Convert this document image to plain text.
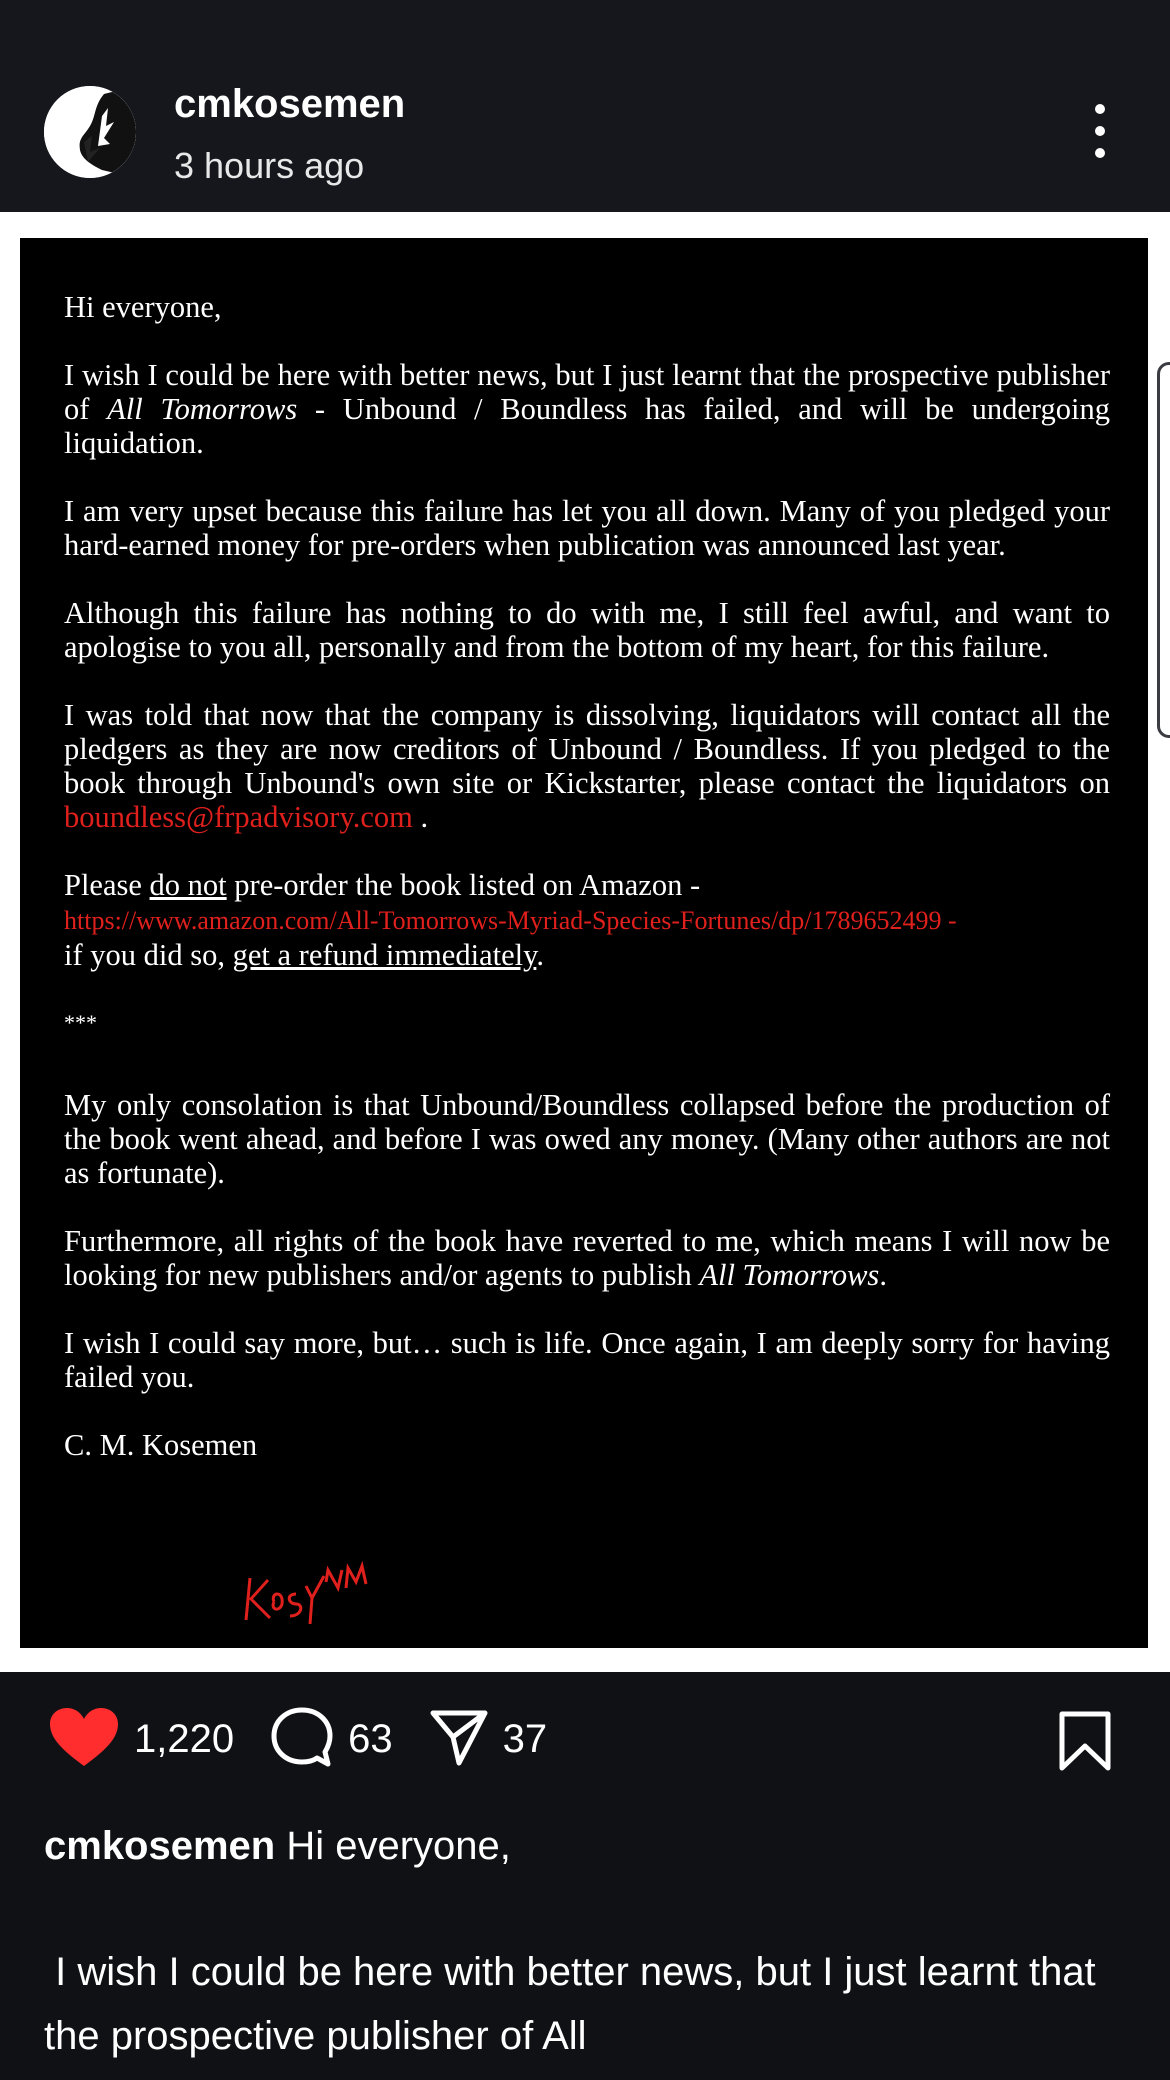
cmkosemen
3 hours ago

Hi everyone,

I wish I could be here with better news, but I just learnt that the prospective publisher of All Tomorrows - Unbound / Boundless has failed, and will be undergoing liquidation.

I am very upset because this failure has let you all down. Many of you pledged your hard-earned money for pre-orders when publication was announced last year.

Although this failure has nothing to do with me, I still feel awful, and want to apologise to you all, personally and from the bottom of my heart, for this failure.

I was told that now that the company is dissolving, liquidators will contact all the pledgers as they are now creditors of Unbound / Boundless. If you pledged to the book through Unbound's own site or Kickstarter, please contact the liquidators on boundless@frpadvisory.com .

Please do not pre-order the book listed on Amazon -
https://www.amazon.com/All-Tomorrows-Myriad-Species-Fortunes/dp/1789652499 -
if you did so, get a refund immediately.

***

My only consolation is that Unbound/Boundless collapsed before the production of the book went ahead, and before I was owed any money. (Many other authors are not as fortunate).

Furthermore, all rights of the book have reverted to me, which means I will now be looking for new publishers and/or agents to publish All Tomorrows.

I wish I could say more, but… such is life. Once again, I am deeply sorry for having failed you.

C. M. Kosemen

1,220	63	37
cmkosemen Hi everyone,
I wish I could be here with better news, but I just learnt that the prospective publisher of All
